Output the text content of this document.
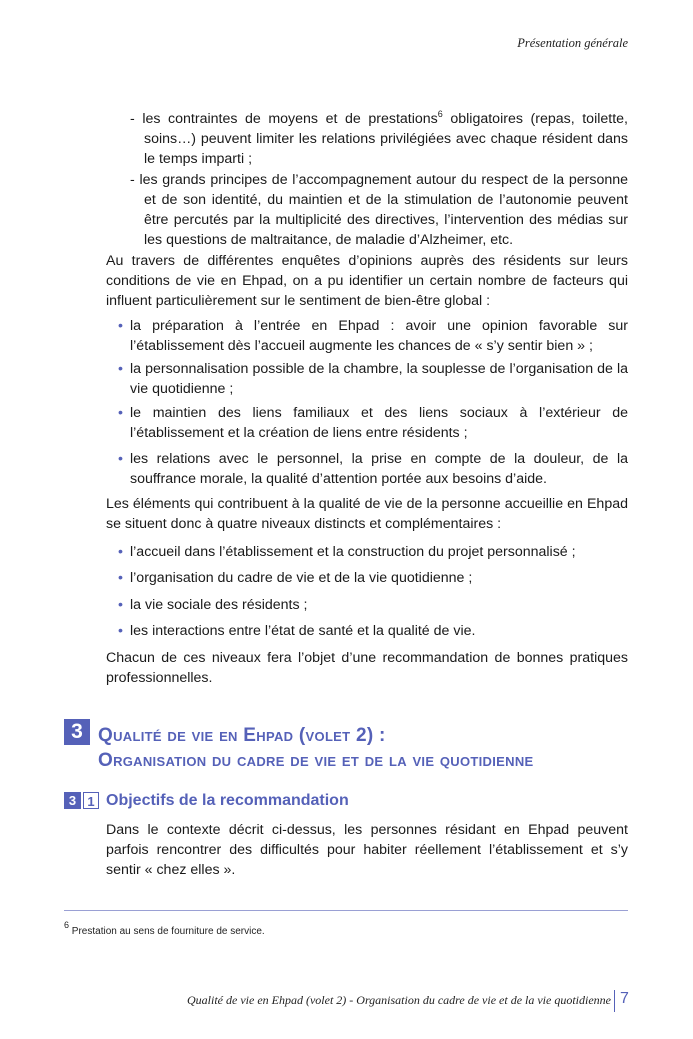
Présentation générale

- les contraintes de moyens et de prestations$^6$ obligatoires (repas, toilette, soins…) peuvent limiter les relations privilégiées avec chaque résident dans le temps imparti ;

- les grands principes de l’accompagnement autour du respect de la personne et de son identité, du maintien et de la stimulation de l’autonomie peuvent être percutés par la multiplicité des directives, l’intervention des médias sur les questions de maltraitance, de maladie d’Alzheimer, etc.

Au travers de différentes enquêtes d’opinions auprès des résidents sur leurs conditions de vie en Ehpad, on a pu identifier un certain nombre de facteurs qui influent particulièrement sur le sentiment de bien-être global :

• la préparation à l’entrée en Ehpad : avoir une opinion favorable sur l’établissement dès l’accueil augmente les chances de « s’y sentir bien » ;

• la personnalisation possible de la chambre, la souplesse de l’organisation de la vie quotidienne ;

• le maintien des liens familiaux et des liens sociaux à l’extérieur de l’établissement et la création de liens entre résidents ;

• les relations avec le personnel, la prise en compte de la douleur, de la souffrance morale, la qualité d’attention portée aux besoins d’aide.

Les éléments qui contribuent à la qualité de vie de la personne accueillie en Ehpad se situent donc à quatre niveaux distincts et complémentaires :

• l’accueil dans l’établissement et la construction du projet personnalisé ;

• l’organisation du cadre de vie et de la vie quotidienne ;

• la vie sociale des résidents ;

• les interactions entre l’état de santé et la qualité de vie.

Chacun de ces niveaux fera l’objet d’une recommandation de bonnes pratiques professionnelles.

3 Qualité de vie en Ehpad (volet 2) :

Organisation du cadre de vie et de la vie quotidienne

3 1 Objectifs de la recommandation

Dans le contexte décrit ci-dessus, les personnes résidant en Ehpad peuvent parfois rencontrer des difficultés pour habiter réellement l’établissement et s’y sentir « chez elles ».

$^6$ Prestation au sens de fourniture de service.
Qualité de vie en Ehpad (volet 2) - Organisation du cadre de vie et de la vie quotidienne 7
